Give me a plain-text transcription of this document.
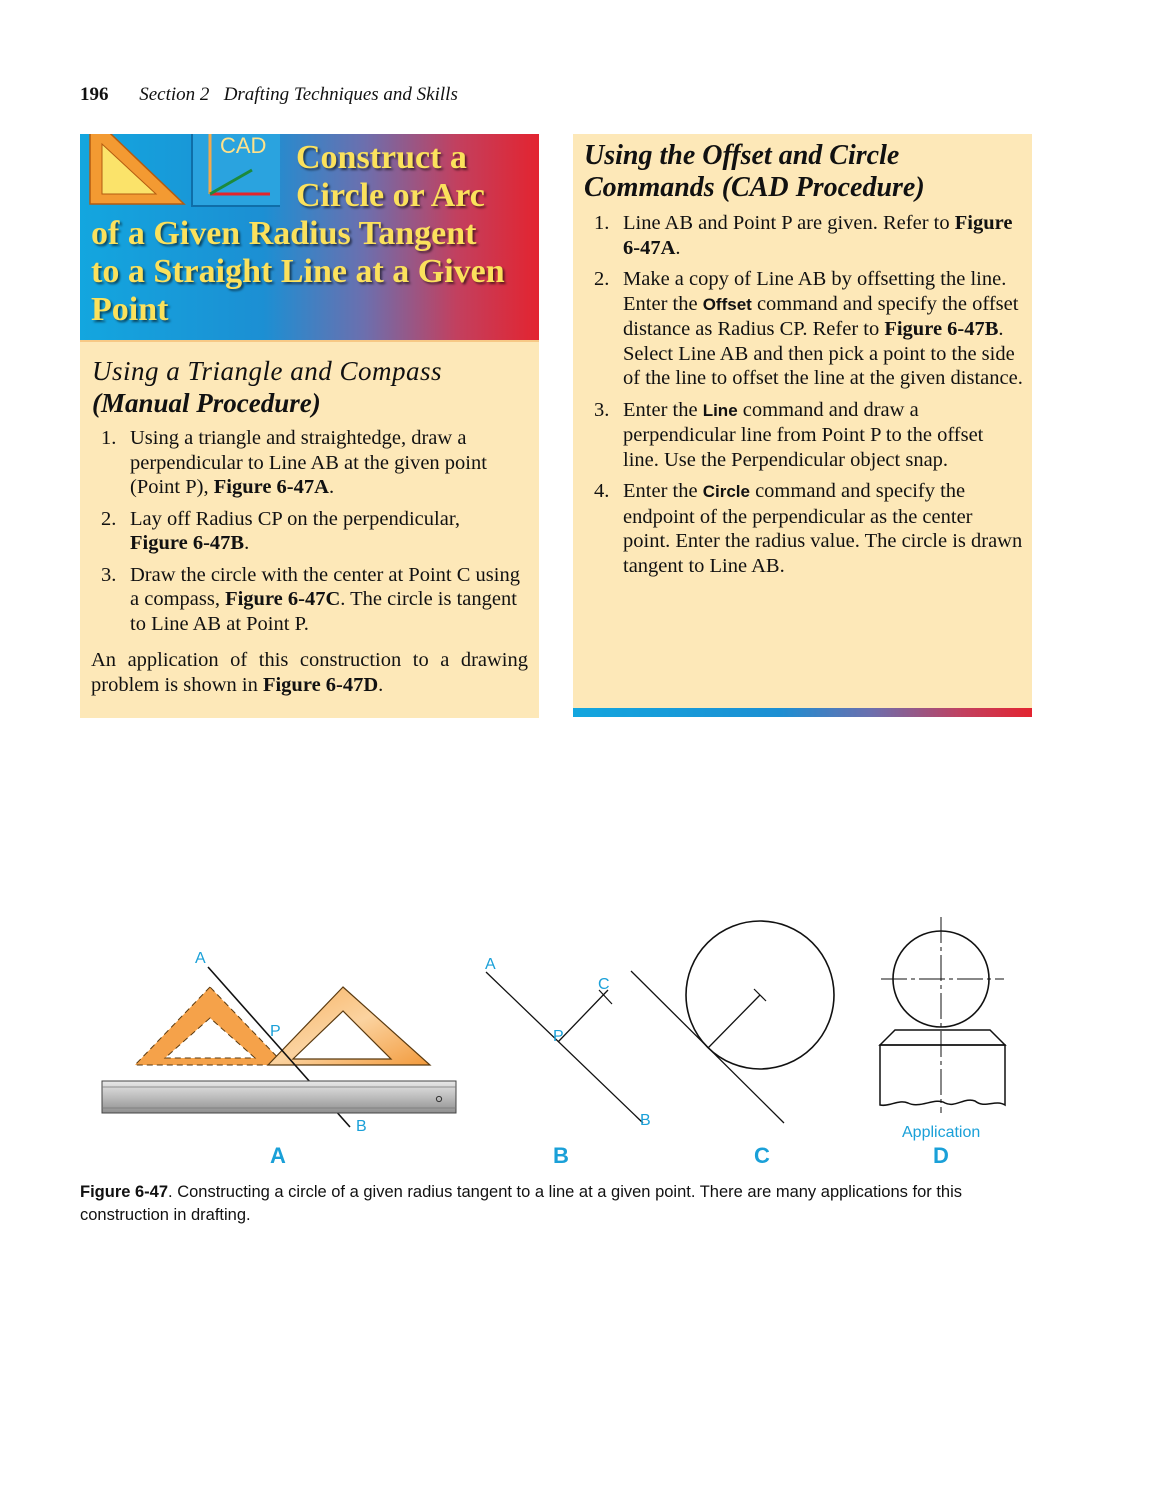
196 Section 2 Drafting Techniques and Skills
CAD Construct a
Circle or Arc
of a Given Radius Tangent
to a Straight Line at a Given
Point
Using a Triangle and Compass
(Manual Procedure)
1. Using a triangle and straightedge, draw a perpendicular to Line AB at the given point (Point P), Figure 6-47A.
2. Lay off Radius CP on the perpendicular, Figure 6-47B.
3. Draw the circle with the center at Point C using a compass, Figure 6-47C. The circle is tangent to Line AB at Point P.
An application of this construction to a drawing problem is shown in Figure 6-47D.
Using the Offset and Circle
Commands (CAD Procedure)
1. Line AB and Point P are given. Refer to Figure 6-47A.
2. Make a copy of Line AB by offsetting the line. Enter the Offset command and specify the offset distance as Radius CP. Refer to Figure 6-47B. Select Line AB and then pick a point to the side of the line to offset the line at the given distance.
3. Enter the Line command and draw a perpendicular line from Point P to the offset line. Use the Perpendicular object snap.
4. Enter the Circle command and specify the endpoint of the perpendicular as the center point. Enter the radius value. The circle is drawn tangent to Line AB.
A
P
B
A
C
P
B
Application
A	B	C	D
Figure 6-47. Constructing a circle of a given radius tangent to a line at a given point. There are many applications for this construction in drafting.
